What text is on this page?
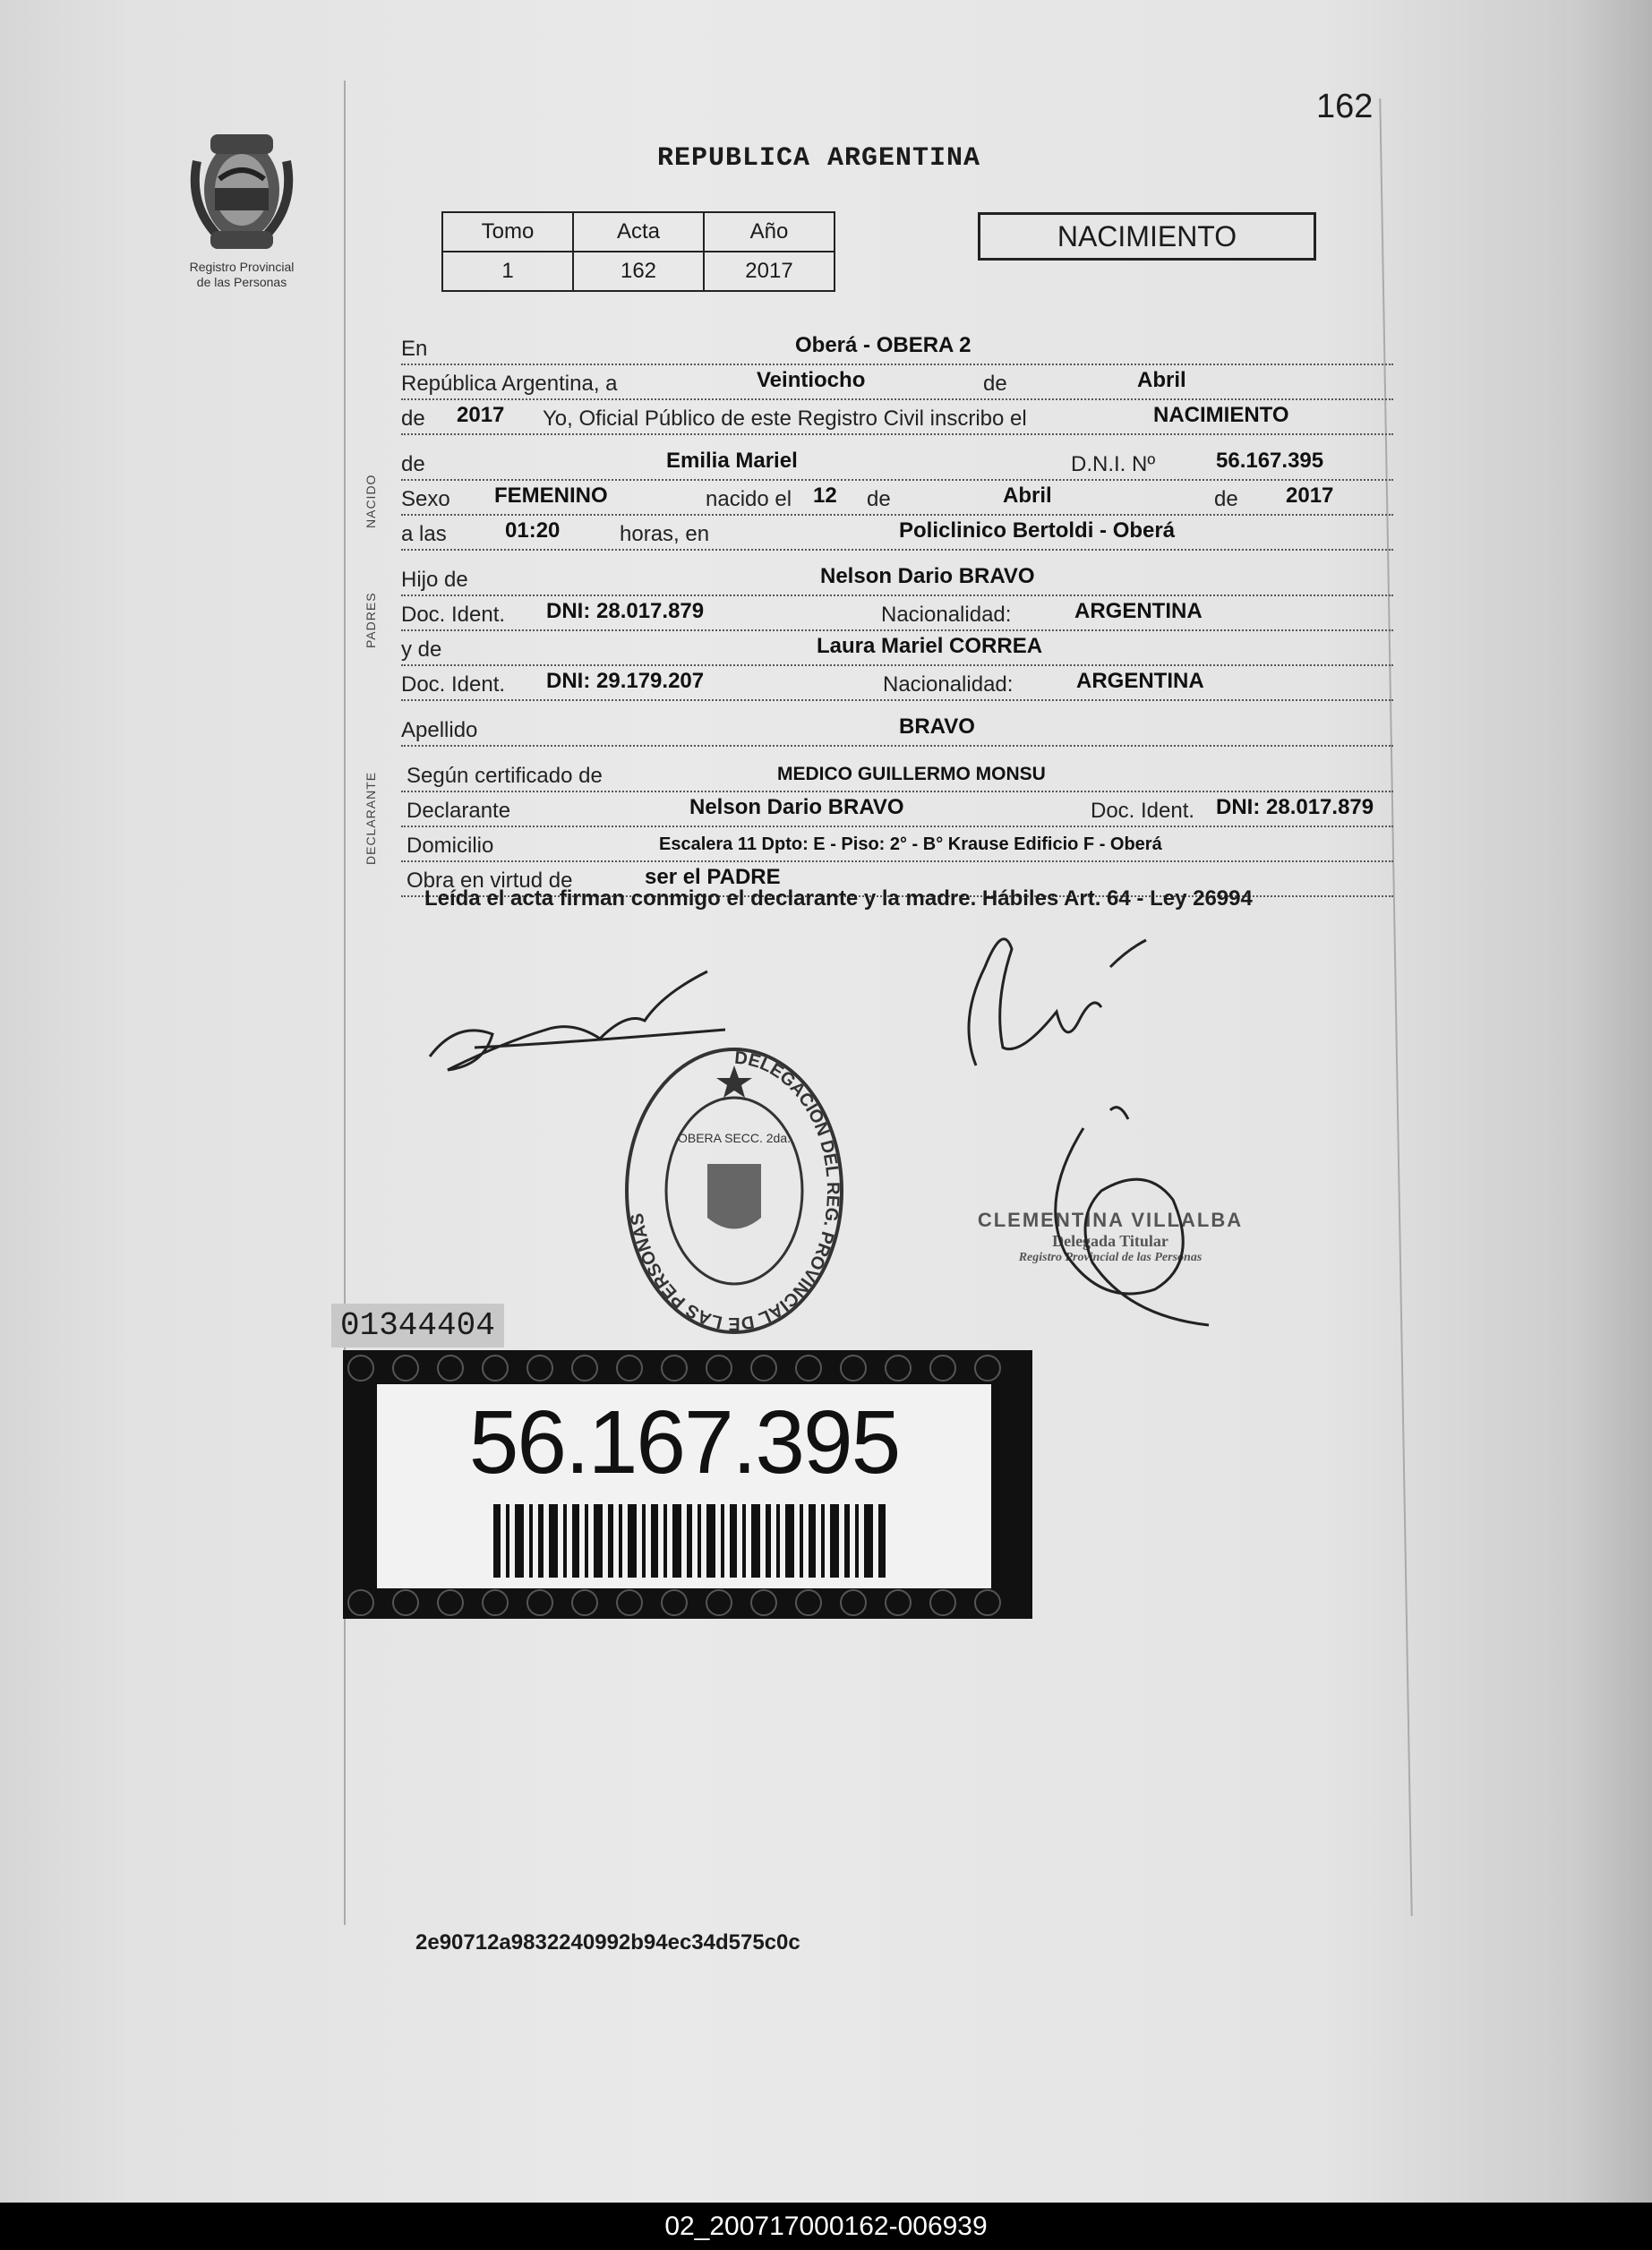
162
Registro Provincial
de las Personas
REPUBLICA ARGENTINA
Tomo	Acta	Año
1	162	2017
NACIMIENTO
NACIDO
PADRES
DECLARANTE
En	Oberá - OBERA 2
República Argentina, a	Veintiocho	de	Abril
de 2017 Yo, Oficial Público de este Registro Civil inscribo el	NACIMIENTO
de	Emilia Mariel	D.N.I. Nº	56.167.395
Sexo FEMENINO	nacido el 12 de	Abril	de 2017
a las	01:20	horas, en	Policlinico Bertoldi - Oberá
Hijo de	Nelson Dario BRAVO
Doc. Ident. DNI: 28.017.879	Nacionalidad:	ARGENTINA
y de	Laura Mariel CORREA
Doc. Ident. DNI: 29.179.207	Nacionalidad:	ARGENTINA
Apellido	BRAVO
Según certificado de	MEDICO GUILLERMO MONSU
Declarante	Nelson Dario BRAVO	Doc. Ident. DNI: 28.017.879
Domicilio	Escalera 11 Dpto: E - Piso: 2° - B° Krause Edificio F - Oberá
Obra en virtud de	ser el PADRE
Leída el acta firman conmigo el declarante y la madre. Hábiles Art. 64 - Ley 26994
DELEGACION DEL REG. PROVINCIAL DE LAS PERSONAS
OBERA SECC. 2da.
CLEMENTINA VILLALBA
Delegada Titular
Registro Provincial de las Personas
01344404
56.167.395
2e90712a9832240992b94ec34d575c0c
02_200717000162-006939
